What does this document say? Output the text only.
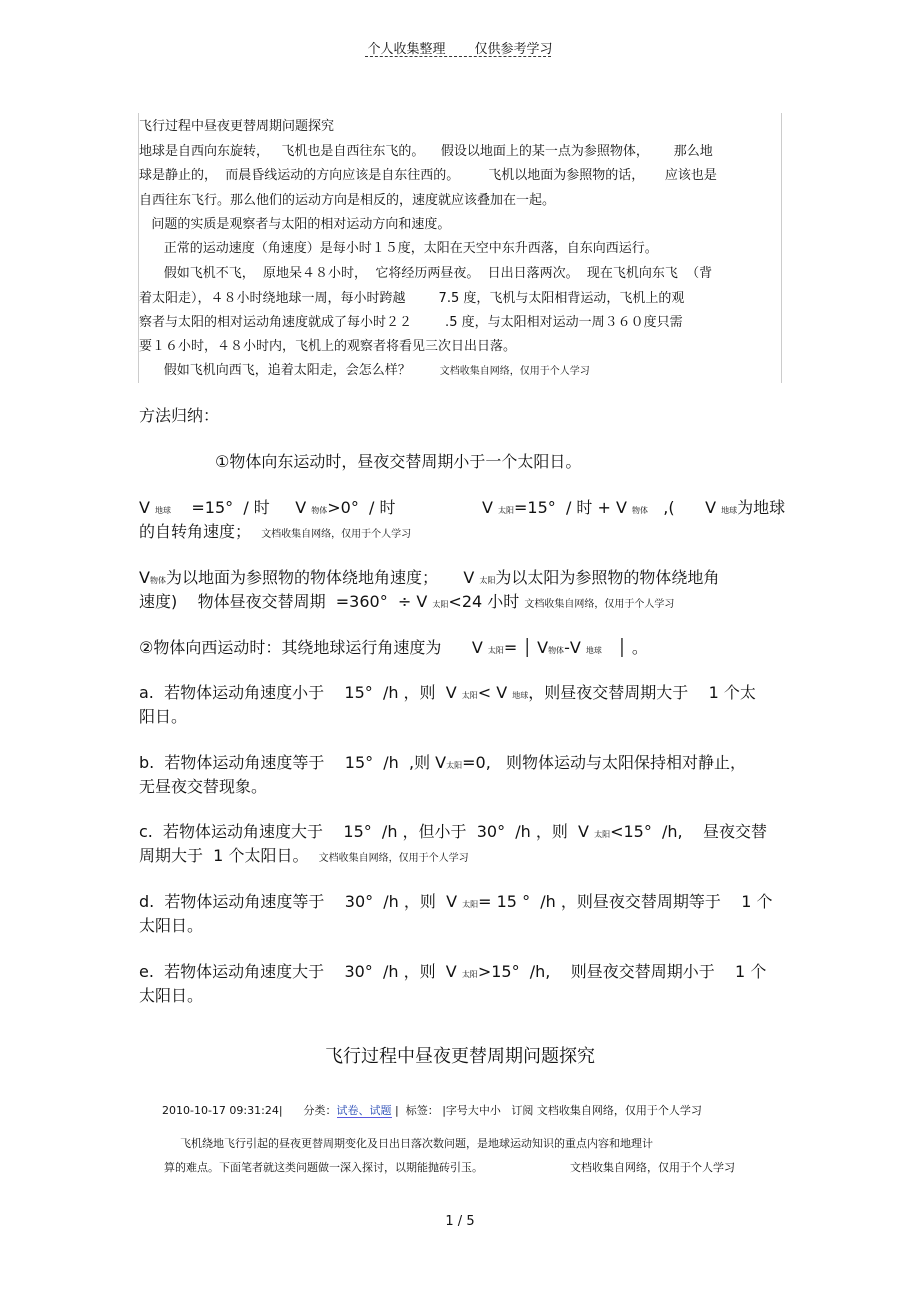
个人收集整理 仅供参考学习
飞行过程中昼夜更替周期问题探究
地球是自西向东旋转，   飞机也是自西往东飞的。    假设以地面上的某一点为参照物体，      那么地
球是静止的，  而晨昏线运动的方向应该是自东往西的。       飞机以地面为参照物的话，     应该也是
自西往东飞行。那么他们的运动方向是相反的，速度就应该叠加在一起。
问题的实质是观察者与太阳的相对运动方向和速度。
正常的运动速度（角速度）是每小时１５度，太阳在天空中东升西落，自东向西运行。
假如飞机不飞，  原地呆４８小时，  它将经历两昼夜。  日出日落两次。  现在飞机向东飞  （背
着太阳走），４８小时绕地球一周，每小时跨越        7.5 度，飞机与太阳相背运动，飞机上的观
察者与太阳的相对运动角速度就成了每小时２２        .5 度，与太阳相对运动一周３６０度只需
要１６小时，４８小时内，飞机上的观察者将看见三次日出日落。
假如飞机向西飞，追着太阳走，会怎么样？       文档收集自网络，仅用于个人学习
方法归纳：
①物体向东运动时，昼夜交替周期小于一个太阳日。
V 地球    =15°  / 时     V 物体>0°  / 时                 V 太阳=15°  / 时 + V 物体   ,(      V 地球为地球
的自转角速度；  文档收集自网络，仅用于个人学习
V物体为以地面为参照物的物体绕地角速度；     V 太阳为以太阳为参照物的物体绕地角
速度)    物体昼夜交替周期  =360°  ÷ V 太阳<24 小时 文档收集自网络，仅用于个人学习
②物体向西运动时：其绕地球运行角速度为      V 太阳= │ V物体-V 地球   │ 。
a.  若物体运动角速度小于    15°  /h ，则  V 太阳< V 地球，则昼夜交替周期大于    1 个太
阳日。
b.  若物体运动角速度等于    15°  /h  ,则 V太阳=0,   则物体运动与太阳保持相对静止，
无昼夜交替现象。
c.  若物体运动角速度大于    15°  /h ，但小于  30°  /h ，则  V 太阳<15°  /h,    昼夜交替
周期大于  1 个太阳日。  文档收集自网络，仅用于个人学习
d.  若物体运动角速度等于    30°  /h ，则  V 太阳= 15 °  /h ，则昼夜交替周期等于    1 个
太阳日。
e.  若物体运动角速度大于    30°  /h ，则  V 太阳>15°  /h,    则昼夜交替周期小于    1 个
太阳日。
飞行过程中昼夜更替周期问题探究
2010-10-17 09:31:24| 分类：试卷、试题 |  标签： |字号大中小   订阅 文档收集自网络，仅用于个人学习
飞机绕地飞行引起的昼夜更替周期变化及日出日落次数问题，是地球运动知识的重点内容和地理计
算的难点。下面笔者就这类问题做一深入探讨，以期能抛砖引玉。	文档收集自网络，仅用于个人学习
1 / 5
